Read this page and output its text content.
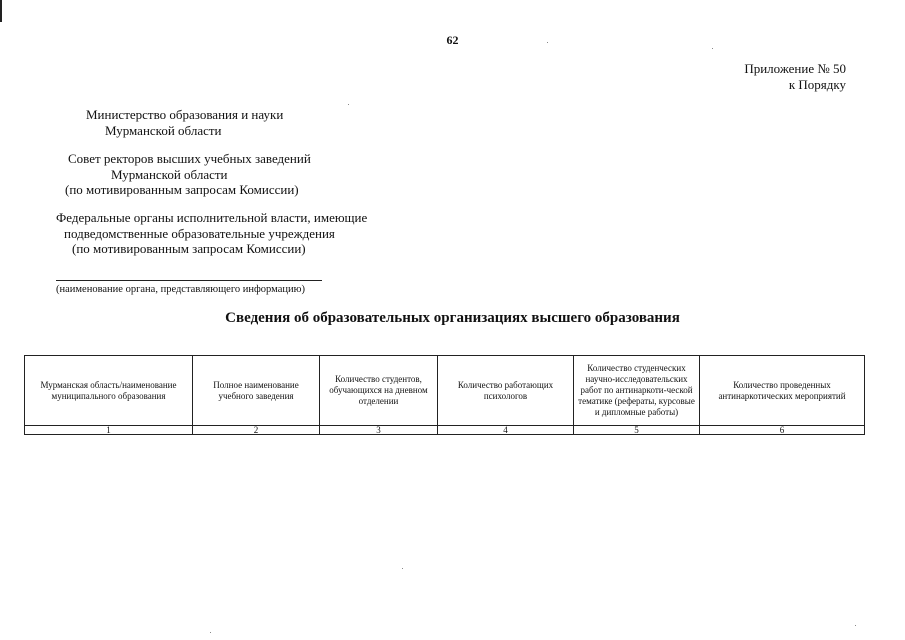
62
Приложение № 50
к Порядку
Министерство образования и науки
Мурманской области
Совет ректоров высших учебных заведений
Мурманской области
(по мотивированным запросам Комиссии)
Федеральные органы исполнительной власти, имеющие
подведомственные образовательные учреждения
(по мотивированным запросам Комиссии)
(наименование органа, представляющего информацию)
Сведения об образовательных организациях высшего образования
Мурманская область/наименование муниципального образования	Полное наименование учебного заведения	Количество студентов, обучающихся на дневном отделении	Количество работающих психологов	Количество студенческих научно-исследовательских работ по антинаркоти-ческой тематике (рефераты, курсовые и дипломные работы)	Количество проведенных антинаркотических мероприятий
1	2	3	4	5	6
